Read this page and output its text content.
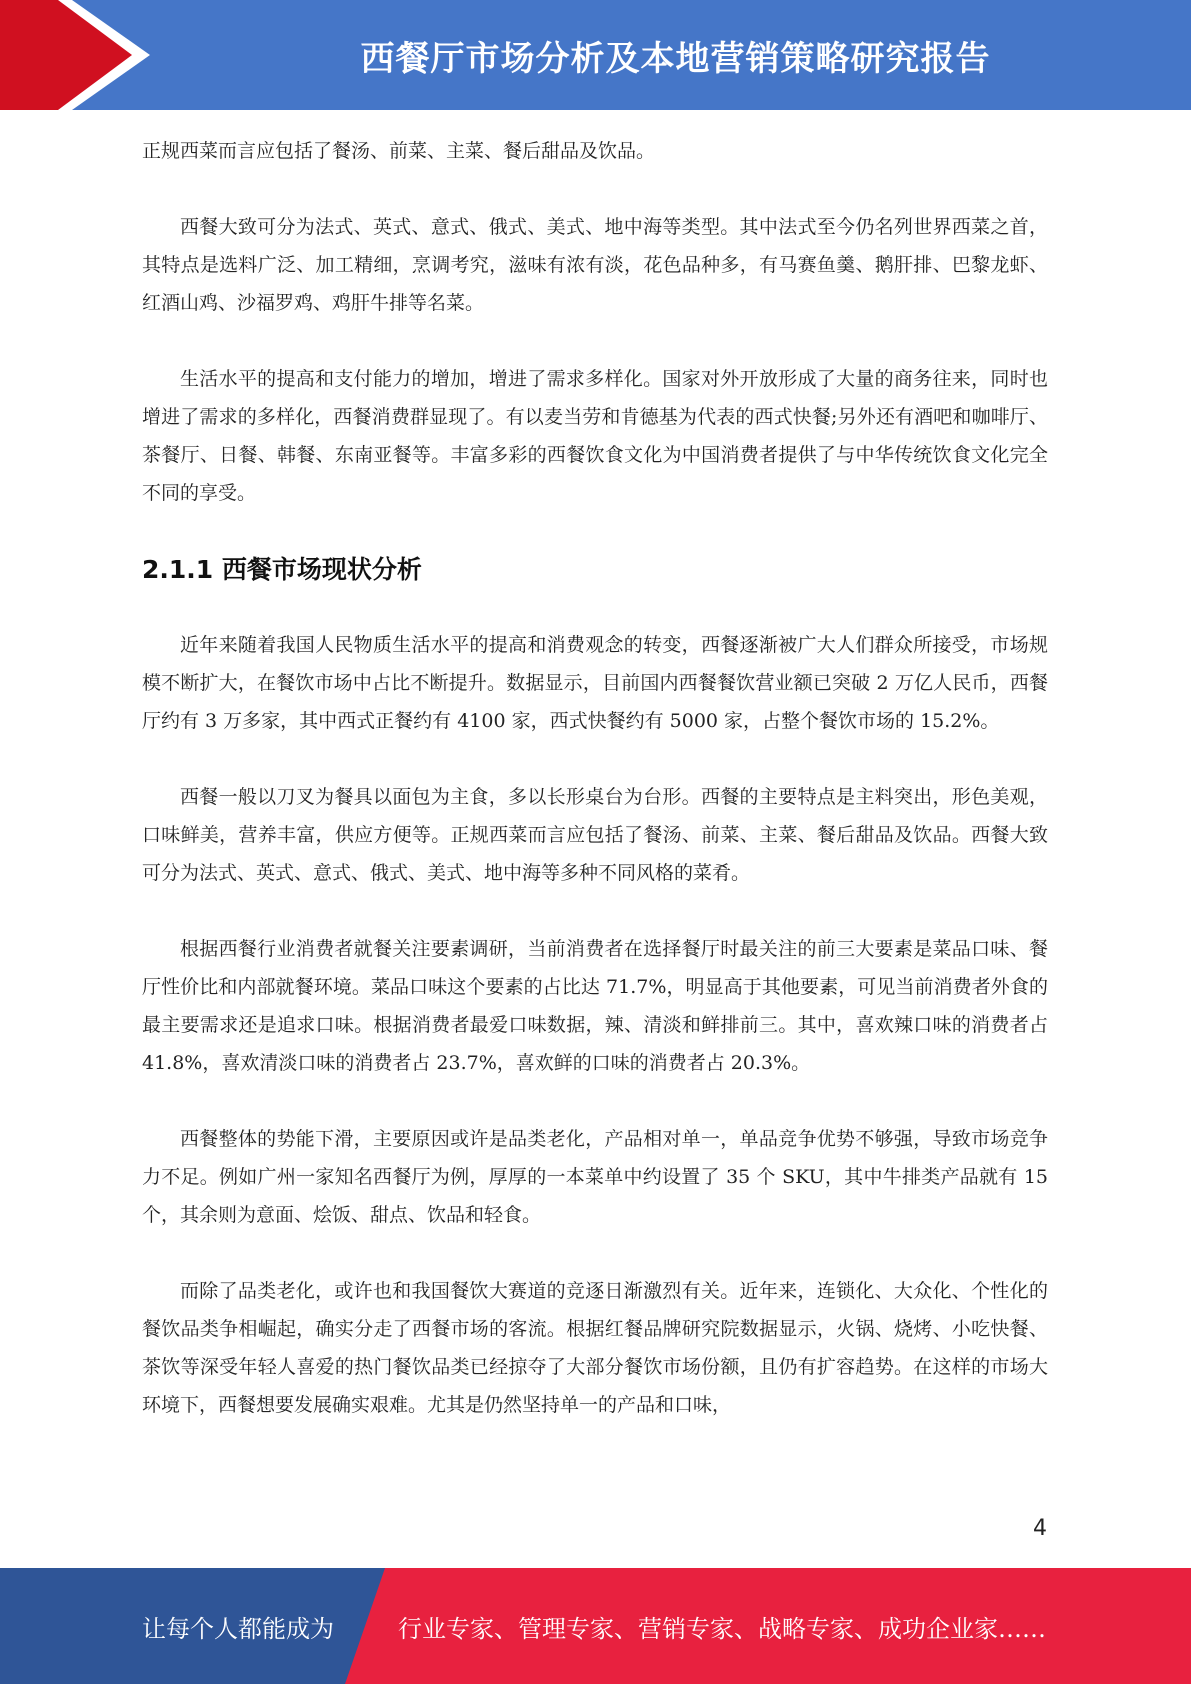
西餐厅市场分析及本地营销策略研究报告

正规西菜而言应包括了餐汤、前菜、主菜、餐后甜品及饮品。

西餐大致可分为法式、英式、意式、俄式、美式、地中海等类型。其中法式至今仍名列世界西菜之首，其特点是选料广泛、加工精细，烹调考究，滋味有浓有淡，花色品种多，有马赛鱼羹、鹅肝排、巴黎龙虾、红酒山鸡、沙福罗鸡、鸡肝牛排等名菜。

生活水平的提高和支付能力的增加，增进了需求多样化。国家对外开放形成了大量的商务往来，同时也增进了需求的多样化，西餐消费群显现了。有以麦当劳和肯德基为代表的西式快餐;另外还有酒吧和咖啡厅、茶餐厅、日餐、韩餐、东南亚餐等。丰富多彩的西餐饮食文化为中国消费者提供了与中华传统饮食文化完全不同的享受。

2.1.1 西餐市场现状分析

近年来随着我国人民物质生活水平的提高和消费观念的转变，西餐逐渐被广大人们群众所接受，市场规模不断扩大，在餐饮市场中占比不断提升。数据显示，目前国内西餐餐饮营业额已突破 2 万亿人民币，西餐厅约有 3 万多家，其中西式正餐约有 4100 家，西式快餐约有 5000 家，占整个餐饮市场的 15.2%。

西餐一般以刀叉为餐具以面包为主食，多以长形桌台为台形。西餐的主要特点是主料突出，形色美观，口味鲜美，营养丰富，供应方便等。正规西菜而言应包括了餐汤、前菜、主菜、餐后甜品及饮品。西餐大致可分为法式、英式、意式、俄式、美式、地中海等多种不同风格的菜肴。

根据西餐行业消费者就餐关注要素调研，当前消费者在选择餐厅时最关注的前三大要素是菜品口味、餐厅性价比和内部就餐环境。菜品口味这个要素的占比达 71.7%，明显高于其他要素，可见当前消费者外食的最主要需求还是追求口味。根据消费者最爱口味数据，辣、清淡和鲜排前三。其中，喜欢辣口味的消费者占 41.8%，喜欢清淡口味的消费者占 23.7%，喜欢鲜的口味的消费者占 20.3%。

西餐整体的势能下滑，主要原因或许是品类老化，产品相对单一，单品竞争优势不够强，导致市场竞争力不足。例如广州一家知名西餐厅为例，厚厚的一本菜单中约设置了 35 个 SKU，其中牛排类产品就有 15 个，其余则为意面、烩饭、甜点、饮品和轻食。

而除了品类老化，或许也和我国餐饮大赛道的竞逐日渐激烈有关。近年来，连锁化、大众化、个性化的餐饮品类争相崛起，确实分走了西餐市场的客流。根据红餐品牌研究院数据显示，火锅、烧烤、小吃快餐、茶饮等深受年轻人喜爱的热门餐饮品类已经掠夺了大部分餐饮市场份额，且仍有扩容趋势。在这样的市场大环境下，西餐想要发展确实艰难。尤其是仍然坚持单一的产品和口味，

4
让每个人都能成为	行业专家、管理专家、营销专家、战略专家、成功企业家……
